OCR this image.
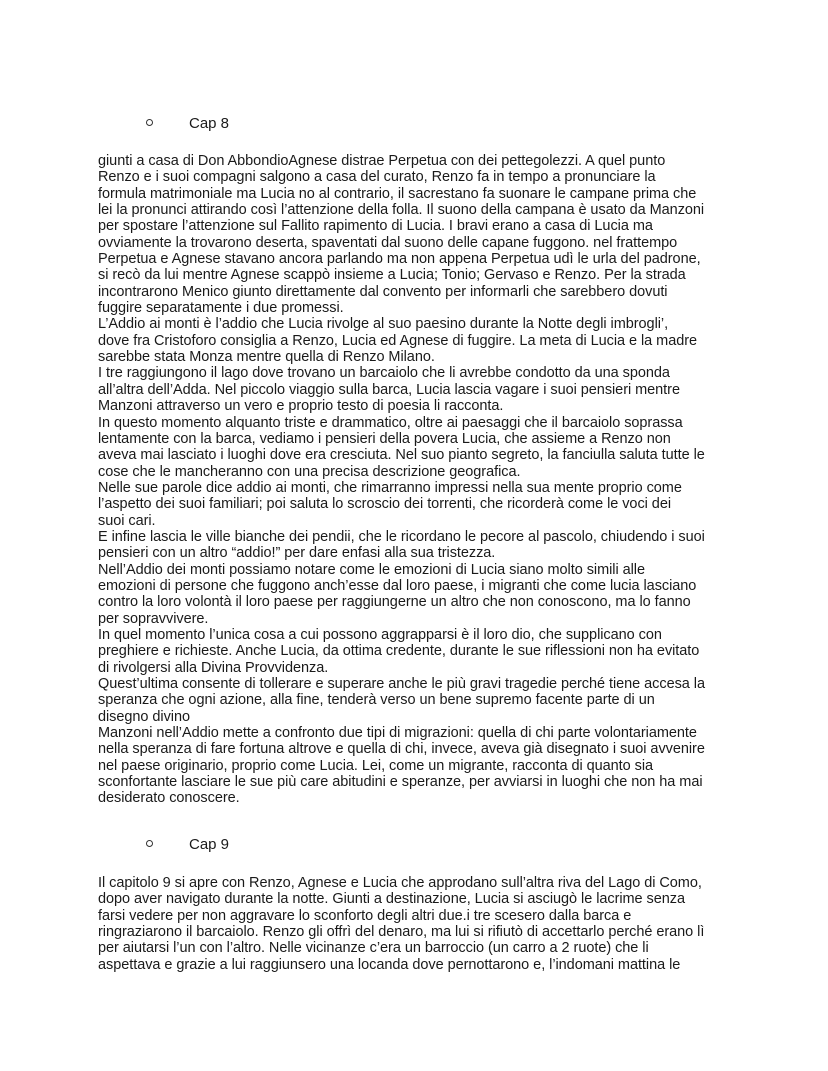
Cap 8
giunti a casa di Don AbbondioAgnese distrae Perpetua con dei pettegolezzi. A quel punto
Renzo e i suoi compagni salgono a casa del curato, Renzo fa in tempo a pronunciare la
formula matrimoniale ma Lucia no al contrario, il sacrestano fa suonare le campane prima che
lei la pronunci attirando così l’attenzione della folla. Il suono della campana è usato da Manzoni
per spostare l’attenzione sul Fallito rapimento di Lucia. I bravi erano a casa di Lucia ma
ovviamente la trovarono deserta, spaventati dal suono delle capane fuggono. nel frattempo
Perpetua e Agnese stavano ancora parlando ma non appena Perpetua udì le urla del padrone,
si recò da lui mentre Agnese scappò insieme a Lucia; Tonio; Gervaso e Renzo. Per la strada
incontrarono Menico giunto direttamente dal convento per informarli che sarebbero dovuti
fuggire separatamente i due promessi.
L’Addio ai monti è l’addio che Lucia rivolge al suo paesino durante la Notte degli imbrogli’,
dove fra Cristoforo consiglia a Renzo, Lucia ed Agnese di fuggire. La meta di Lucia e la madre
sarebbe stata Monza mentre quella di Renzo Milano.
I tre raggiungono il lago dove trovano un barcaiolo che li avrebbe condotto da una sponda
all’altra dell’Adda. Nel piccolo viaggio sulla barca, Lucia lascia vagare i suoi pensieri mentre
Manzoni attraverso un vero e proprio testo di poesia li racconta.
In questo momento alquanto triste e drammatico, oltre ai paesaggi che il barcaiolo soprassa
lentamente con la barca, vediamo i pensieri della povera Lucia, che assieme a Renzo non
aveva mai lasciato i luoghi dove era cresciuta. Nel suo pianto segreto, la fanciulla saluta tutte le
cose che le mancheranno con una precisa descrizione geografica.
Nelle sue parole dice addio ai monti, che rimarranno impressi nella sua mente proprio come
l’aspetto dei suoi familiari; poi saluta lo scroscio dei torrenti, che ricorderà come le voci dei
suoi cari.
E infine lascia le ville bianche dei pendii, che le ricordano le pecore al pascolo, chiudendo i suoi
pensieri con un altro “addio!” per dare enfasi alla sua tristezza.
Nell’Addio dei monti possiamo notare come le emozioni di Lucia siano molto simili alle
emozioni di persone che fuggono anch’esse dal loro paese, i migranti che come lucia lasciano
contro la loro volontà il loro paese per raggiungerne un altro che non conoscono, ma lo fanno
per sopravvivere.
In quel momento l’unica cosa a cui possono aggrapparsi è il loro dio, che supplicano con
preghiere e richieste. Anche Lucia, da ottima credente, durante le sue riflessioni non ha evitato
di rivolgersi alla Divina Provvidenza.
Quest’ultima consente di tollerare e superare anche le più gravi tragedie perché tiene accesa la
speranza che ogni azione, alla fine, tenderà verso un bene supremo facente parte di un
disegno divino
Manzoni nell’Addio mette a confronto due tipi di migrazioni: quella di chi parte volontariamente
nella speranza di fare fortuna altrove e quella di chi, invece, aveva già disegnato i suoi avvenire
nel paese originario, proprio come Lucia. Lei, come un migrante, racconta di quanto sia
sconfortante lasciare le sue più care abitudini e speranze, per avviarsi in luoghi che non ha mai
desiderato conoscere.
Cap 9
Il capitolo 9 si apre con Renzo, Agnese e Lucia che approdano sull’altra riva del Lago di Como,
dopo aver navigato durante la notte. Giunti a destinazione, Lucia si asciugò le lacrime senza
farsi vedere per non aggravare lo sconforto degli altri due.i tre scesero dalla barca e
ringraziarono il barcaiolo. Renzo gli offrì del denaro, ma lui si rifiutò di accettarlo perché erano lì
per aiutarsi l’un con l’altro. Nelle vicinanze c’era un barroccio (un carro a 2 ruote) che li
aspettava e grazie a lui raggiunsero una locanda dove pernottarono e, l’indomani mattina le
